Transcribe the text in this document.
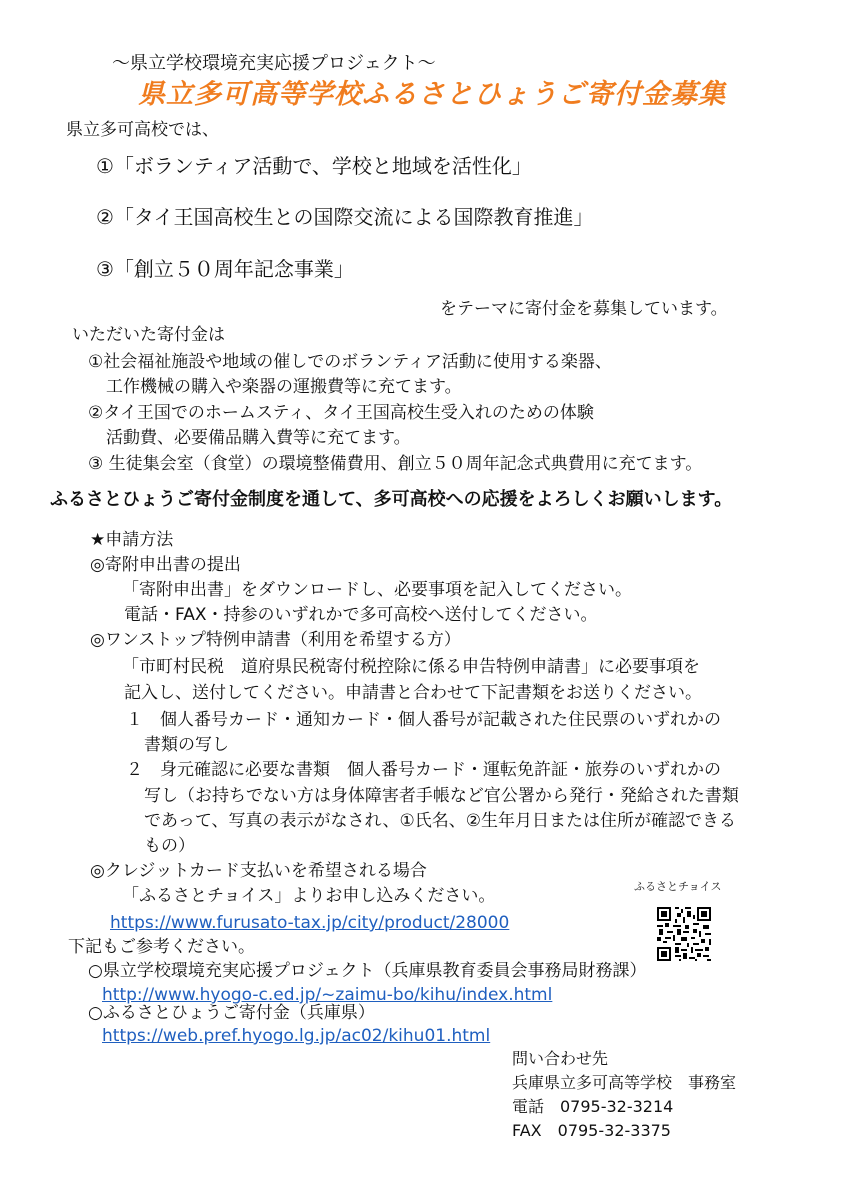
～県立学校環境充実応援プロジェクト～
県立多可高等学校ふるさとひょうご寄付金募集
県立多可高校では、
①「ボランティア活動で、学校と地域を活性化」
②「タイ王国高校生との国際交流による国際教育推進」
③「創立５０周年記念事業」
をテーマに寄付金を募集しています。
いただいた寄付金は
①社会福祉施設や地域の催しでのボランティア活動に使用する楽器、
工作機械の購入や楽器の運搬費等に充てます。
②タイ王国でのホームスティ、タイ王国高校生受入れのための体験
活動費、必要備品購入費等に充てます。
③ 生徒集会室（食堂）の環境整備費用、創立５０周年記念式典費用に充てます。
ふるさとひょうご寄付金制度を通して、多可高校への応援をよろしくお願いします。
★申請方法
◎寄附申出書の提出
「寄附申出書」をダウンロードし、必要事項を記入してください。
電話・FAX・持参のいずれかで多可高校へ送付してください。
◎ワンストップ特例申請書（利用を希望する方）
「市町村民税　道府県民税寄付税控除に係る申告特例申請書」に必要事項を
記入し、送付してください。申請書と合わせて下記書類をお送りください。
１　個人番号カード・通知カード・個人番号が記載された住民票のいずれかの
書類の写し
２　身元確認に必要な書類　個人番号カード・運転免許証・旅券のいずれかの
写し（お持ちでない方は身体障害者手帳など官公署から発行・発給された書類
であって、写真の表示がなされ、①氏名、②生年月日または住所が確認できる
もの）
◎クレジットカード支払いを希望される場合
「ふるさとチョイス」よりお申し込みください。
https://www.furusato-tax.jp/city/product/28000
ふるさとチョイス
下記もご参考ください。
○県立学校環境充実応援プロジェクト（兵庫県教育委員会事務局財務課）
http://www.hyogo-c.ed.jp/~zaimu-bo/kihu/index.html
○ふるさとひょうご寄付金（兵庫県）
https://web.pref.hyogo.lg.jp/ac02/kihu01.html
問い合わせ先
兵庫県立多可高等学校　事務室
電話　0795-32-3214
FAX　0795-32-3375
